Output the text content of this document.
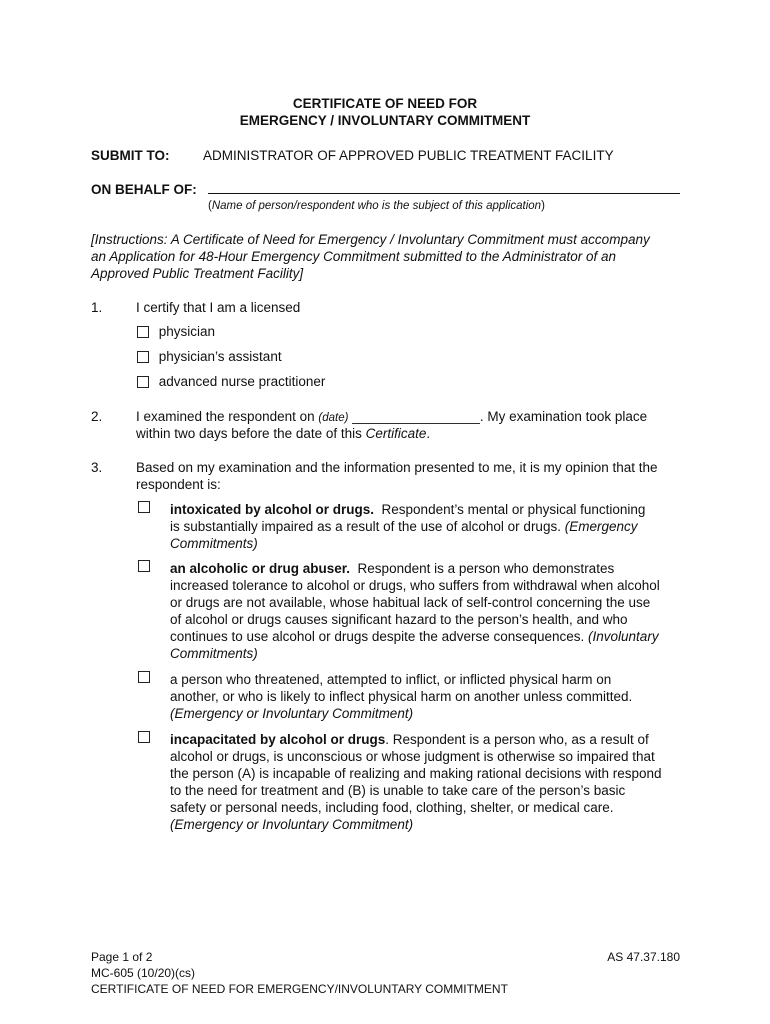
CERTIFICATE OF NEED FOR
EMERGENCY / INVOLUNTARY COMMITMENT
SUBMIT TO: ADMINISTRATOR OF APPROVED PUBLIC TREATMENT FACILITY
ON BEHALF OF:
(Name of person/respondent who is the subject of this application)
[Instructions: A Certificate of Need for Emergency / Involuntary Commitment must accompany
an Application for 48-Hour Emergency Commitment submitted to the Administrator of an
Approved Public Treatment Facility]
1. I certify that I am a licensed
physician
physician’s assistant
advanced nurse practitioner
2. I examined the respondent on (date) _________________. My examination took place
within two days before the date of this Certificate.
3. Based on my examination and the information presented to me, it is my opinion that the
respondent is:
intoxicated by alcohol or drugs.  Respondent’s mental or physical functioning
is substantially impaired as a result of the use of alcohol or drugs. (Emergency
Commitments)
an alcoholic or drug abuser.  Respondent is a person who demonstrates
increased tolerance to alcohol or drugs, who suffers from withdrawal when alcohol
or drugs are not available, whose habitual lack of self-control concerning the use
of alcohol or drugs causes significant hazard to the person’s health, and who
continues to use alcohol or drugs despite the adverse consequences. (Involuntary
Commitments)
a person who threatened, attempted to inflict, or inflicted physical harm on
another, or who is likely to inflect physical harm on another unless committed.
(Emergency or Involuntary Commitment)
incapacitated by alcohol or drugs. Respondent is a person who, as a result of
alcohol or drugs, is unconscious or whose judgment is otherwise so impaired that
the person (A) is incapable of realizing and making rational decisions with respond
to the need for treatment and (B) is unable to take care of the person’s basic
safety or personal needs, including food, clothing, shelter, or medical care.
(Emergency or Involuntary Commitment)
Page 1 of 2
MC-605 (10/20)(cs)
CERTIFICATE OF NEED FOR EMERGENCY/INVOLUNTARY COMMITMENT
AS 47.37.180
